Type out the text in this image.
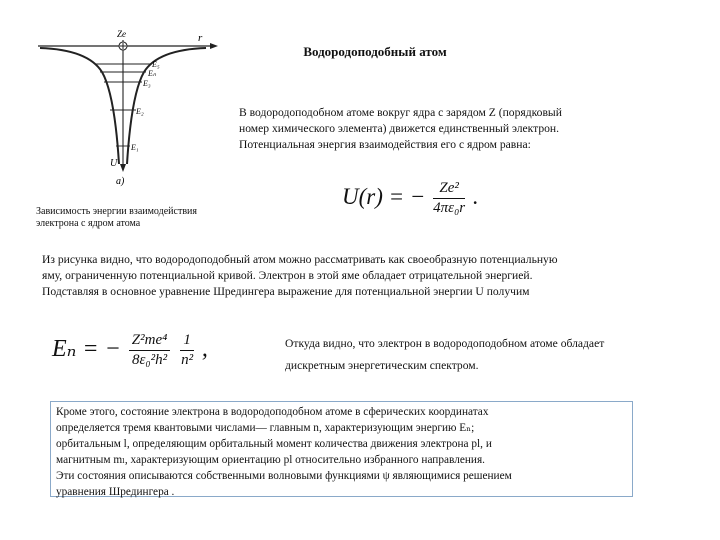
Ze	r
U
E₅
Eₙ
E₃
E₂
E₁
а)
Зависимость энергии взаимодействия
электрона с ядром атома
Водородоподобный атом
В водородоподобном атоме вокруг ядра с зарядом Z (порядковый
номер химического элемента) движется единственный электрон.
Потенциальная энергия взаимодействия его с ядром равна:
U(r) = − $\frac{\text{Ze²}}{\text{4πε₀r}}$ .
Из рисунка видно, что водородоподобный атом можно рассматривать как своеобразную потенциальную
яму, ограниченную потенциальной кривой. Электрон в этой яме обладает отрицательной энергией.
Подставляя в основное уравнение Шредингера выражение для потенциальной энергии U получим
Eₙ = − $\frac{\text{Z²me⁴}}{\text{8ε₀²h²}}$
$\frac{1}{\text{n²}}$ ,	Откуда видно, что электрон в водородоподобном атоме обладает
дискретным энергетическим спектром.
Кроме этого, состояние электрона в водородоподобном атоме в сферических координатах
определяется тремя квантовыми числами— главным n, характеризующим энергию Eₙ;
орбитальным l, определяющим орбитальный момент количества движения электрона pl, и
магнитным mₗ, характеризующим ориентацию pl относительно избранного направления.
Эти состояния описываются собственными волновыми функциями ψ являющимися решением
уравнения Шредингера .
